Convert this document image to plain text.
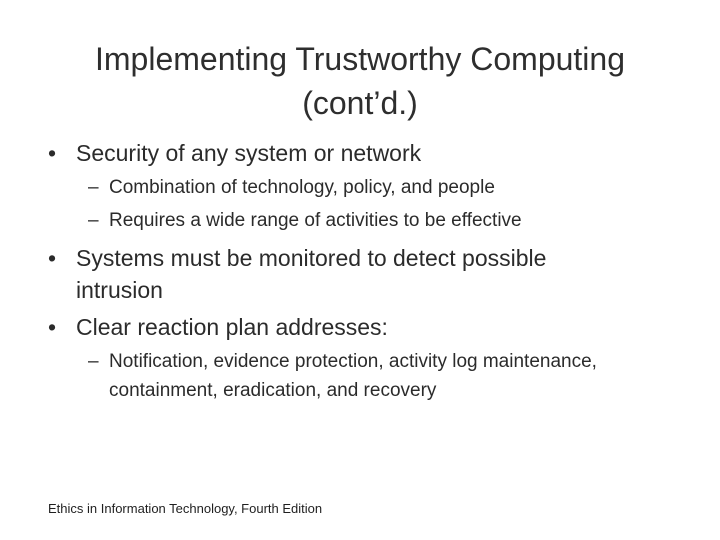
Implementing Trustworthy Computing
(cont’d.)
• Security of any system or network
– Combination of technology, policy, and people
– Requires a wide range of activities to be effective
• Systems must be monitored to detect possible intrusion
• Clear reaction plan addresses:
– Notification, evidence protection, activity log maintenance, containment, eradication, and recovery
Ethics in Information Technology, Fourth Edition
